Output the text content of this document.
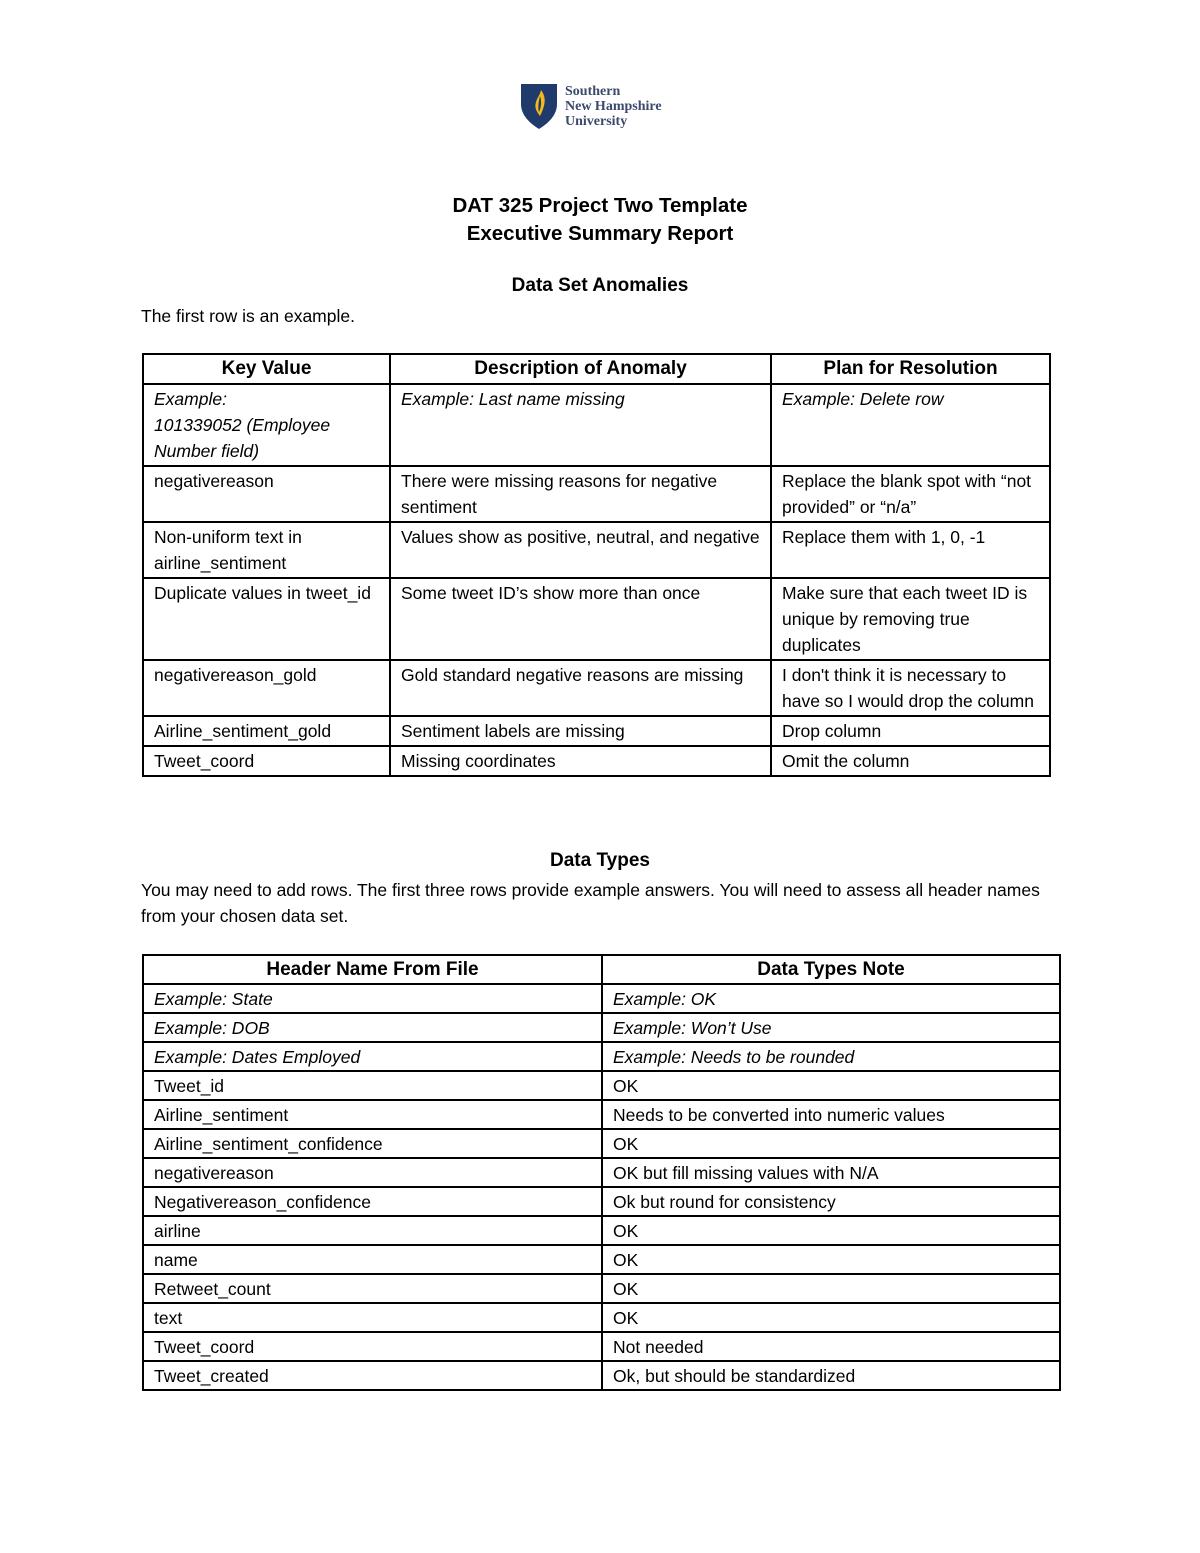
Southern
New Hampshire
University
DAT 325 Project Two Template
Executive Summary Report
Data Set Anomalies
The first row is an example.
Key Value	Description of Anomaly	Plan for Resolution

Example:
101339052 (Employee Number field)	Example: Last name missing	Example: Delete row
negativereason	There were missing reasons for negative sentiment	Replace the blank spot with “not provided” or “n/a”
Non-uniform text in airline_sentiment	Values show as positive, neutral, and negative	Replace them with 1, 0, -1
Duplicate values in tweet_id	Some tweet ID’s show more than once	Make sure that each tweet ID is unique by removing true duplicates
negativereason_gold	Gold standard negative reasons are missing	I don't think it is necessary to have so I would drop the column
Airline_sentiment_gold	Sentiment labels are missing	Drop column
Tweet_coord	Missing coordinates	Omit the column
Data Types
You may need to add rows. The first three rows provide example answers. You will need to assess all header names from your chosen data set.
Header Name From File	Data Types Note
Example: State	Example: OK
Example: DOB	Example: Won’t Use
Example: Dates Employed	Example: Needs to be rounded
Tweet_id	OK
Airline_sentiment	Needs to be converted into numeric values
Airline_sentiment_confidence	OK
negativereason	OK but fill missing values with N/A
Negativereason_confidence	Ok but round for consistency
airline	OK
name	OK
Retweet_count	OK
text	OK
Tweet_coord	Not needed
Tweet_created	Ok, but should be standardized
